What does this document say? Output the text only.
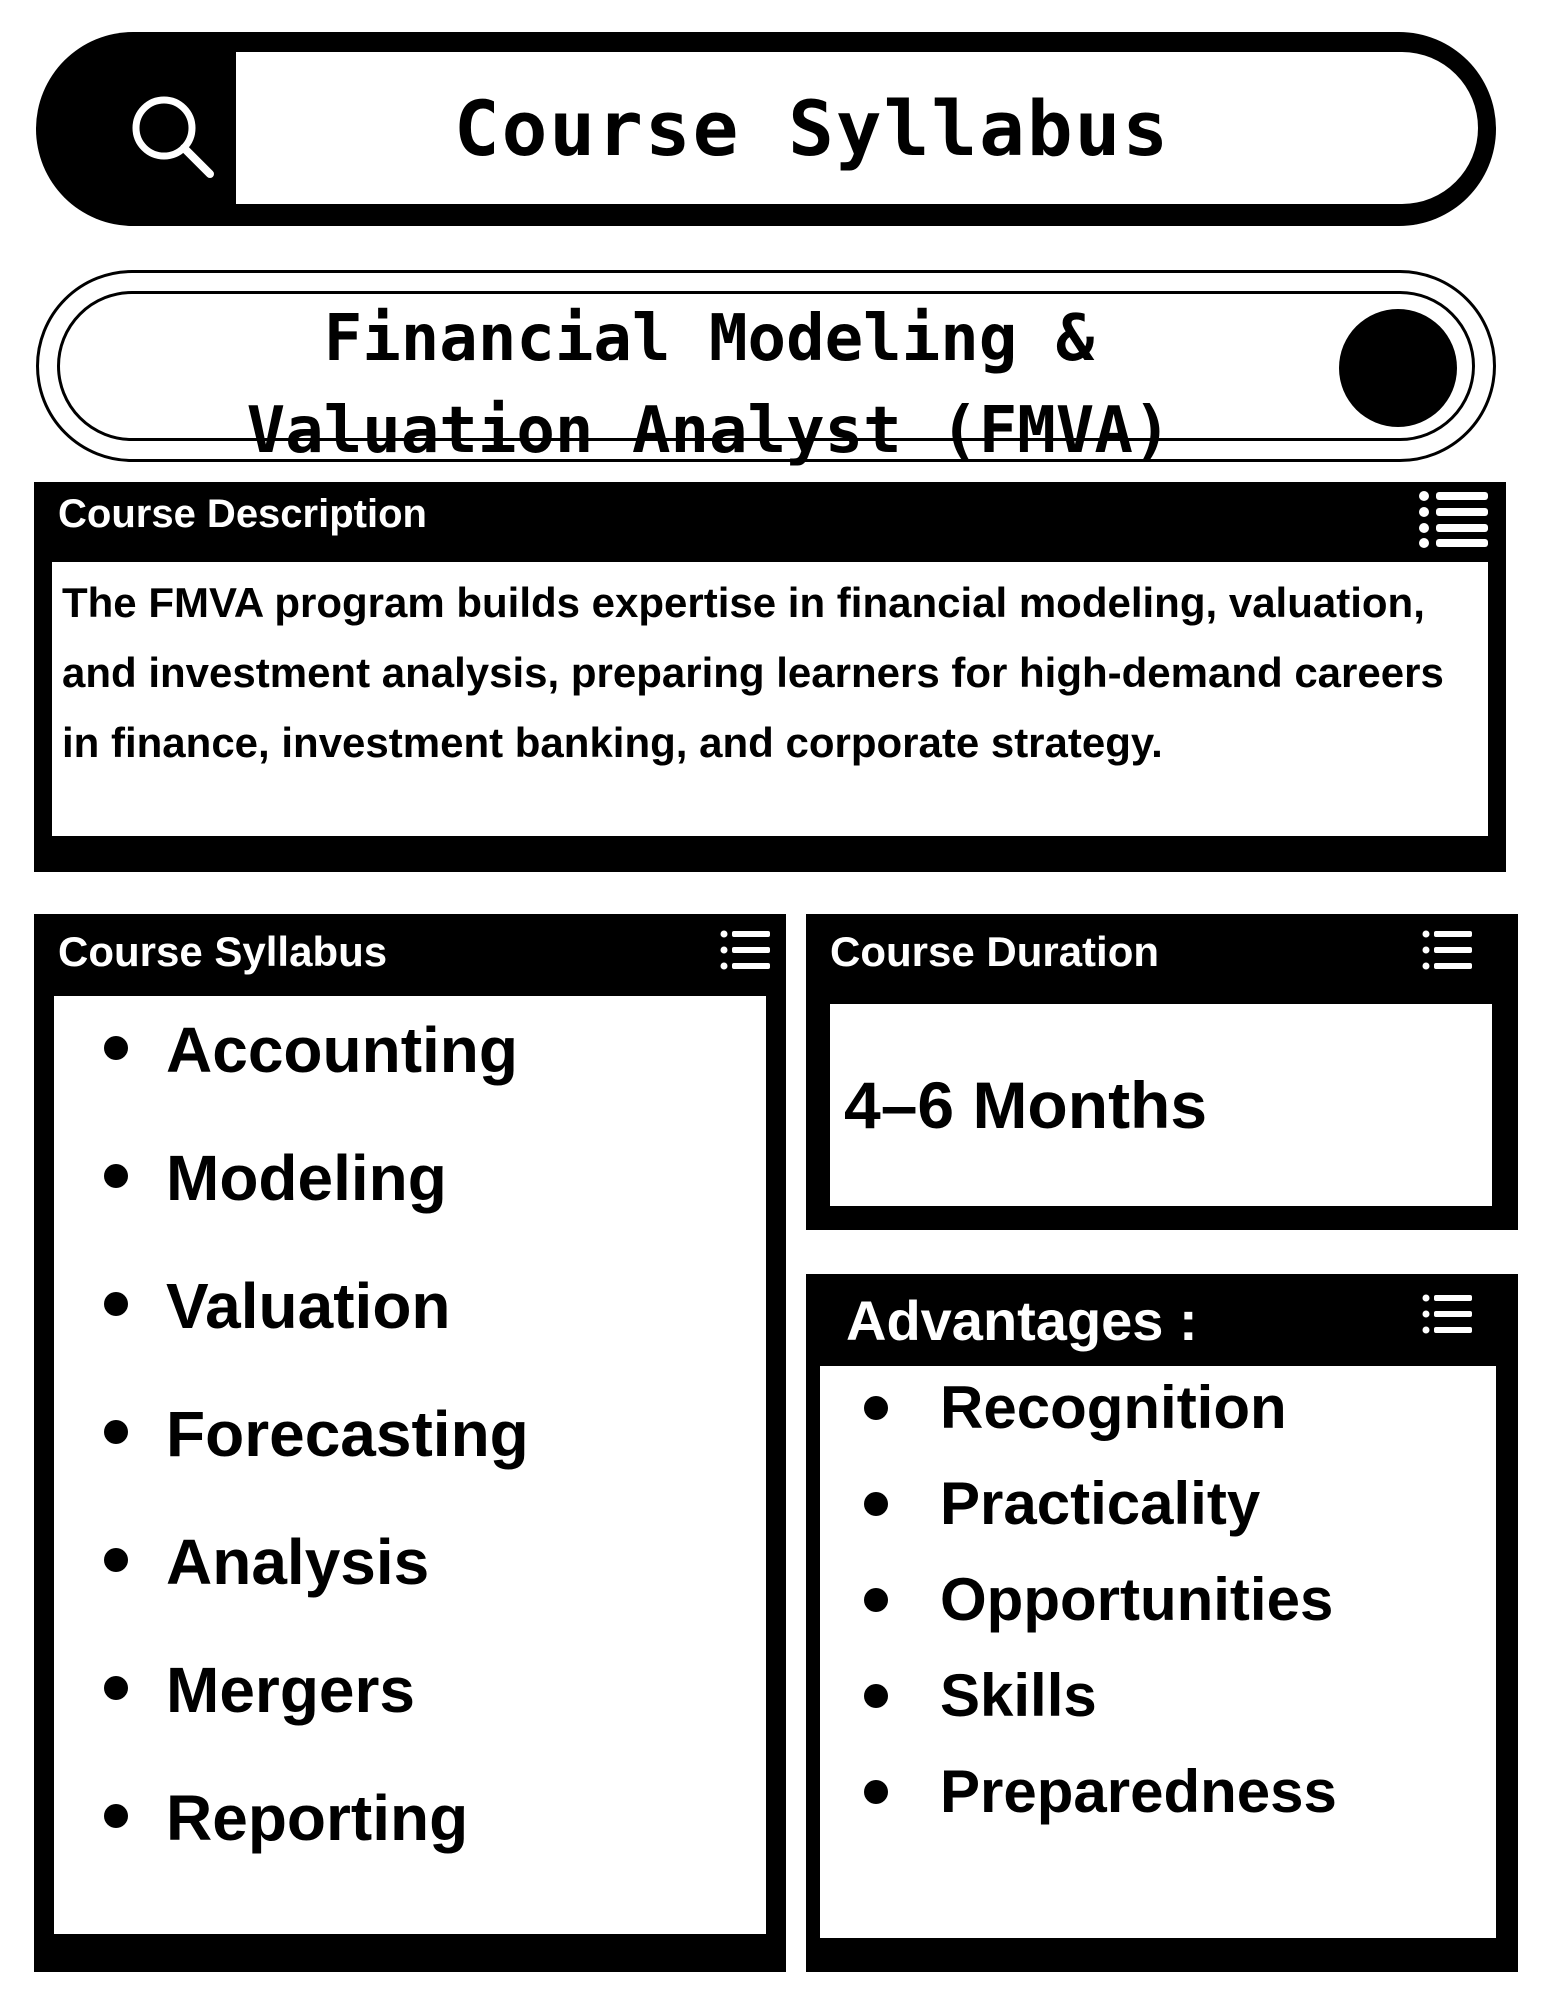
Course Syllabus
Financial Modeling &
Valuation Analyst (FMVA)
Course Description

The FMVA program builds expertise in financial modeling, valuation, and investment analysis, preparing learners for high-demand careers in finance, investment banking, and corporate strategy.

Course Syllabus
Accounting
Modeling
Valuation
Forecasting
Analysis
Mergers
Reporting
Course Duration
4–6 Months
Advantages :
Recognition
Practicality
Opportunities
Skills
Preparedness
